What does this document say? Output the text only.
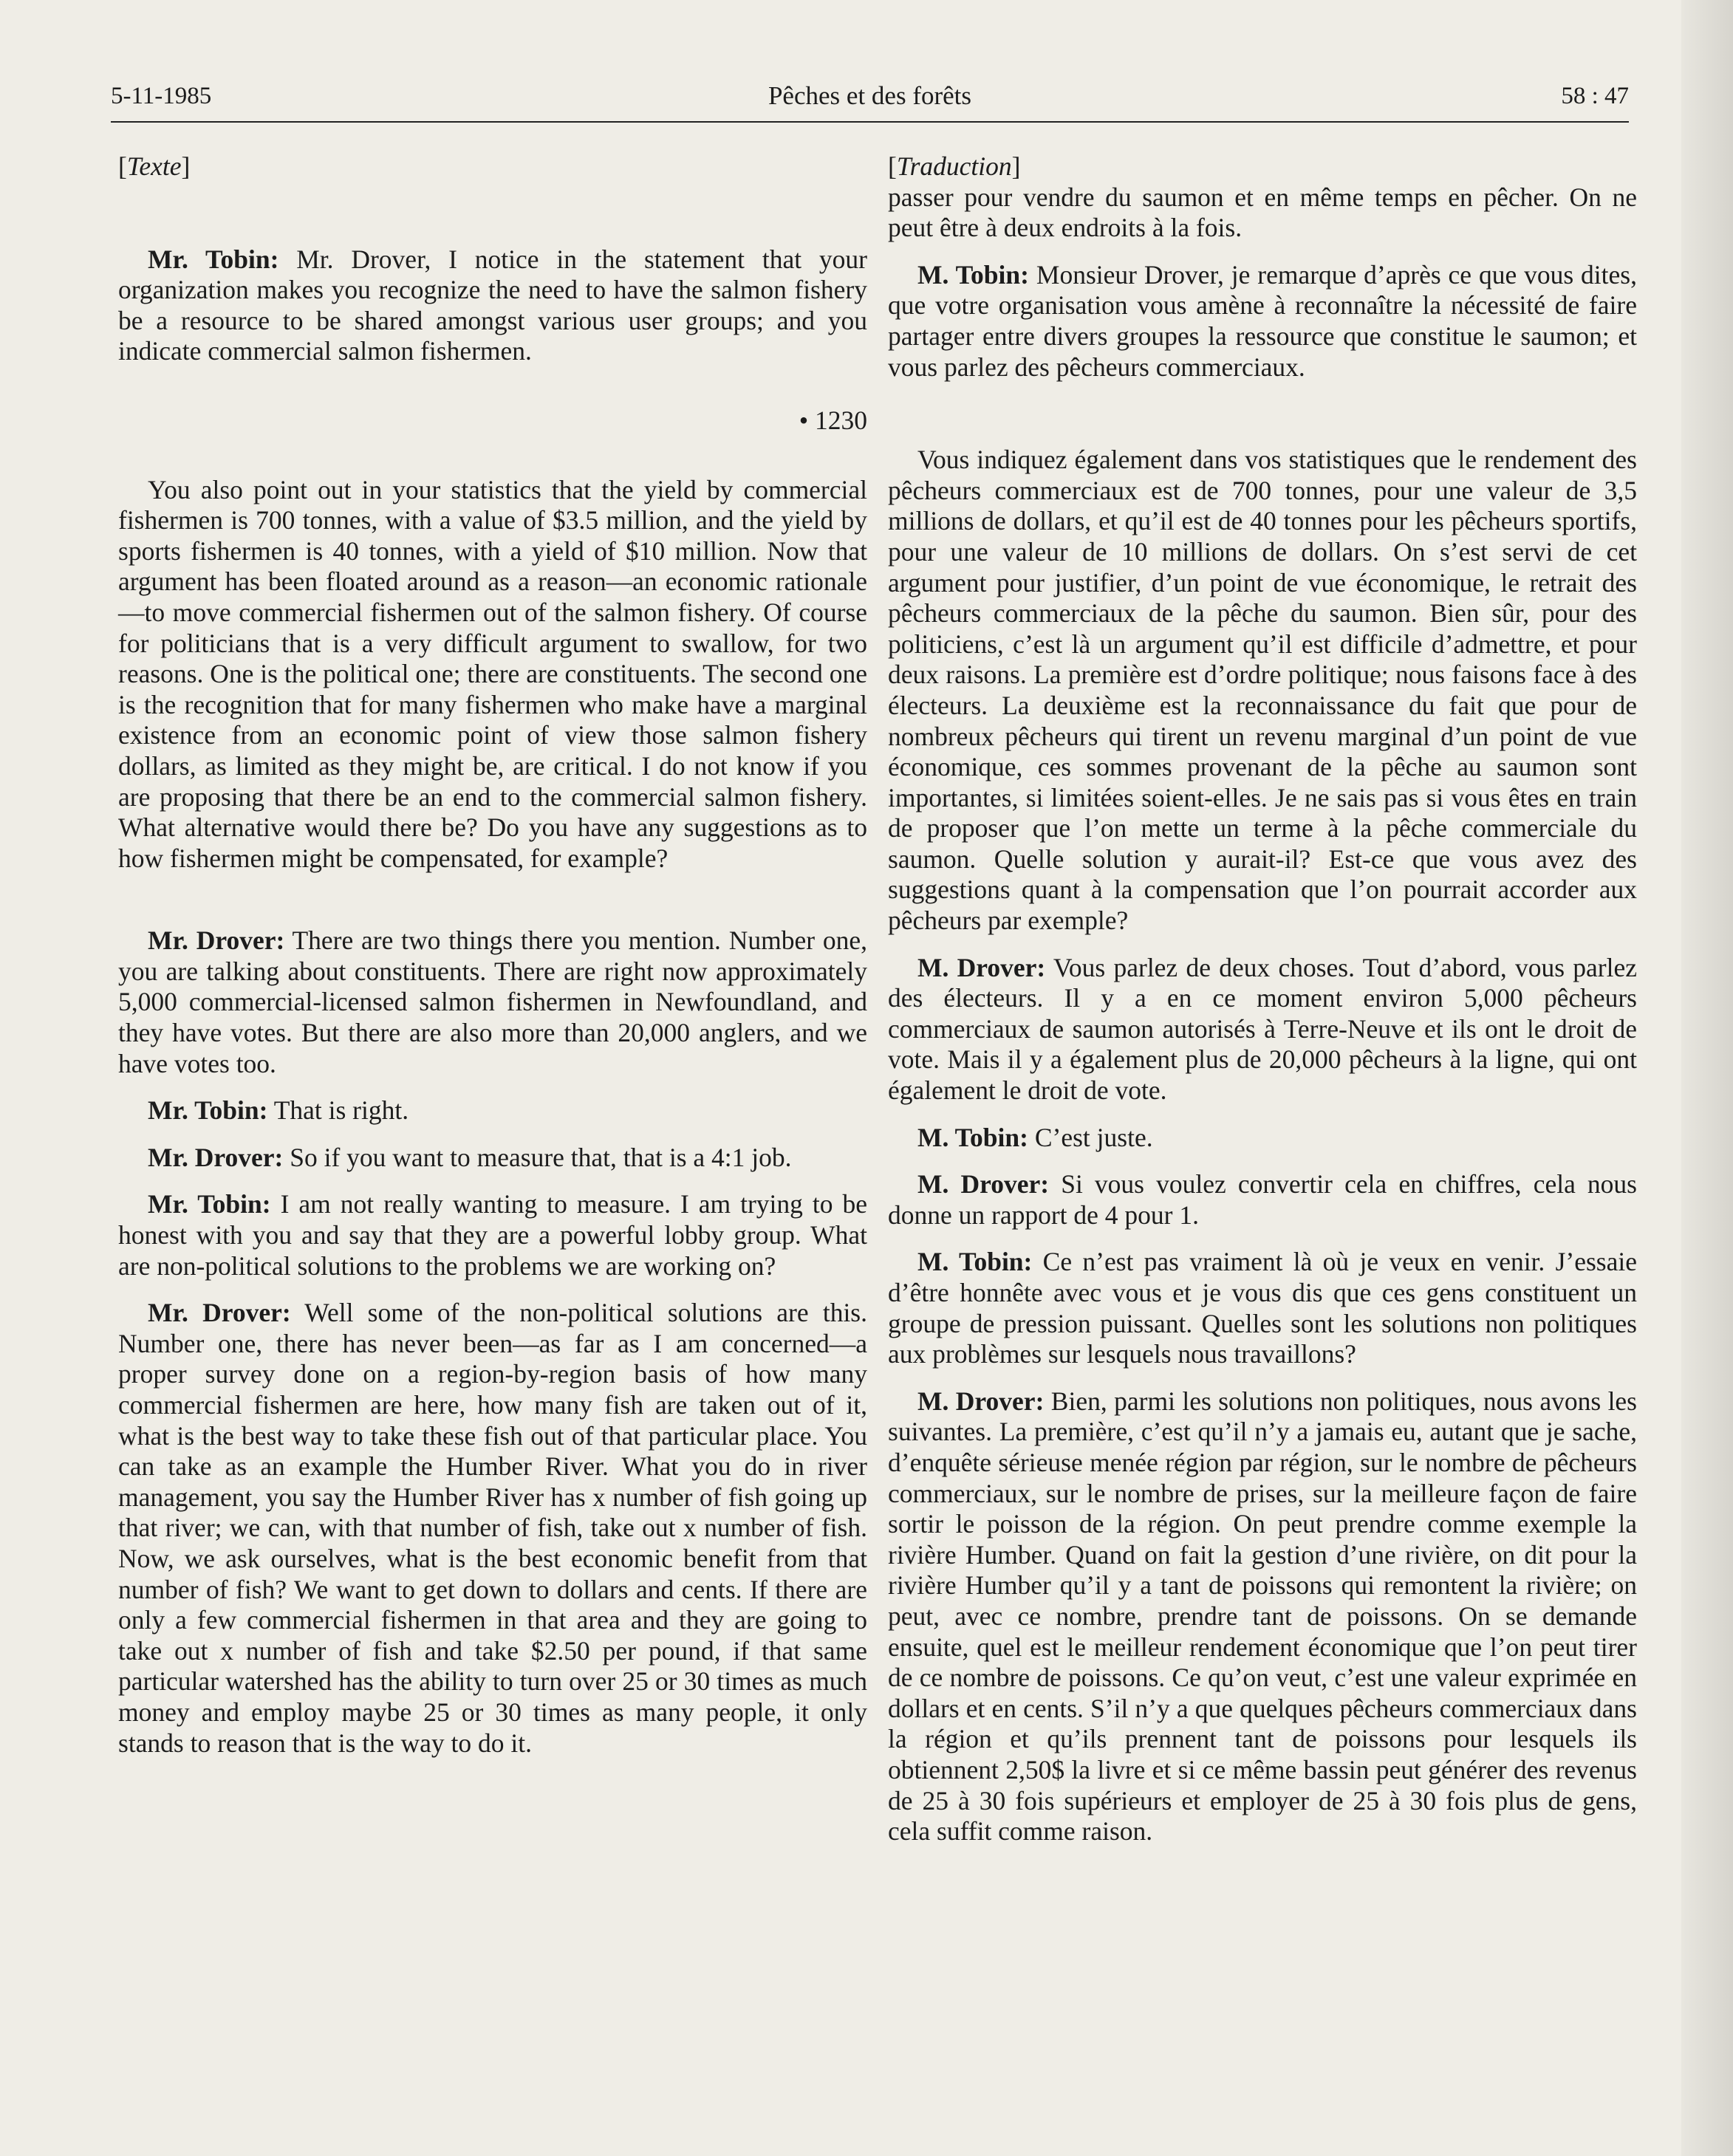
5-11-1985	Pêches et des forêts	58 : 47

[Texte]

Mr. Tobin: Mr. Drover, I notice in the statement that your organization makes you recognize the need to have the salmon fishery be a resource to be shared amongst various user groups; and you indicate commercial salmon fishermen.

• 1230

You also point out in your statistics that the yield by commercial fishermen is 700 tonnes, with a value of $3.5 million, and the yield by sports fishermen is 40 tonnes, with a yield of $10 million. Now that argument has been floated around as a reason—an economic rationale—to move commercial fishermen out of the salmon fishery. Of course for politicians that is a very difficult argument to swallow, for two reasons. One is the political one; there are constituents. The second one is the recognition that for many fishermen who make have a marginal existence from an economic point of view those salmon fishery dollars, as limited as they might be, are critical. I do not know if you are proposing that there be an end to the commercial salmon fishery. What alternative would there be? Do you have any suggestions as to how fishermen might be compensated, for example?

Mr. Drover: There are two things there you mention. Number one, you are talking about constituents. There are right now approximately 5,000 commercial-licensed salmon fishermen in Newfoundland, and they have votes. But there are also more than 20,000 anglers, and we have votes too.

Mr. Tobin: That is right.

Mr. Drover: So if you want to measure that, that is a 4:1 job.

Mr. Tobin: I am not really wanting to measure. I am trying to be honest with you and say that they are a powerful lobby group. What are non-political solutions to the problems we are working on?

Mr. Drover: Well some of the non-political solutions are this. Number one, there has never been—as far as I am concerned—a proper survey done on a region-by-region basis of how many commercial fishermen are here, how many fish are taken out of it, what is the best way to take these fish out of that particular place. You can take as an example the Humber River. What you do in river management, you say the Humber River has x number of fish going up that river; we can, with that number of fish, take out x number of fish. Now, we ask ourselves, what is the best economic benefit from that number of fish? We want to get down to dollars and cents. If there are only a few commercial fishermen in that area and they are going to take out x number of fish and take $2.50 per pound, if that same particular watershed has the ability to turn over 25 or 30 times as much money and employ maybe 25 or 30 times as many people, it only stands to reason that is the way to do it.

[Traduction]

passer pour vendre du saumon et en même temps en pêcher. On ne peut être à deux endroits à la fois.

M. Tobin: Monsieur Drover, je remarque d’après ce que vous dites, que votre organisation vous amène à reconnaître la nécessité de faire partager entre divers groupes la ressource que constitue le saumon; et vous parlez des pêcheurs commerciaux.

Vous indiquez également dans vos statistiques que le rendement des pêcheurs commerciaux est de 700 tonnes, pour une valeur de 3,5 millions de dollars, et qu’il est de 40 tonnes pour les pêcheurs sportifs, pour une valeur de 10 millions de dollars. On s’est servi de cet argument pour justifier, d’un point de vue économique, le retrait des pêcheurs commerciaux de la pêche du saumon. Bien sûr, pour des politiciens, c’est là un argument qu’il est difficile d’admettre, et pour deux raisons. La première est d’ordre politique; nous faisons face à des électeurs. La deuxième est la reconnaissance du fait que pour de nombreux pêcheurs qui tirent un revenu marginal d’un point de vue économique, ces sommes provenant de la pêche au saumon sont importantes, si limitées soient-elles. Je ne sais pas si vous êtes en train de proposer que l’on mette un terme à la pêche commerciale du saumon. Quelle solution y aurait-il? Est-ce que vous avez des suggestions quant à la compensation que l’on pourrait accorder aux pêcheurs par exemple?

M. Drover: Vous parlez de deux choses. Tout d’abord, vous parlez des électeurs. Il y a en ce moment environ 5,000 pêcheurs commerciaux de saumon autorisés à Terre-Neuve et ils ont le droit de vote. Mais il y a également plus de 20,000 pêcheurs à la ligne, qui ont également le droit de vote.

M. Tobin: C’est juste.

M. Drover: Si vous voulez convertir cela en chiffres, cela nous donne un rapport de 4 pour 1.

M. Tobin: Ce n’est pas vraiment là où je veux en venir. J’essaie d’être honnête avec vous et je vous dis que ces gens constituent un groupe de pression puissant. Quelles sont les solutions non politiques aux problèmes sur lesquels nous travaillons?

M. Drover: Bien, parmi les solutions non politiques, nous avons les suivantes. La première, c’est qu’il n’y a jamais eu, autant que je sache, d’enquête sérieuse menée région par région, sur le nombre de pêcheurs commerciaux, sur le nombre de prises, sur la meilleure façon de faire sortir le poisson de la région. On peut prendre comme exemple la rivière Humber. Quand on fait la gestion d’une rivière, on dit pour la rivière Humber qu’il y a tant de poissons qui remontent la rivière; on peut, avec ce nombre, prendre tant de poissons. On se demande ensuite, quel est le meilleur rendement économique que l’on peut tirer de ce nombre de poissons. Ce qu’on veut, c’est une valeur exprimée en dollars et en cents. S’il n’y a que quelques pêcheurs commerciaux dans la région et qu’ils prennent tant de poissons pour lesquels ils obtiennent 2,50$ la livre et si ce même bassin peut générer des revenus de 25 à 30 fois supérieurs et employer de 25 à 30 fois plus de gens, cela suffit comme raison.
